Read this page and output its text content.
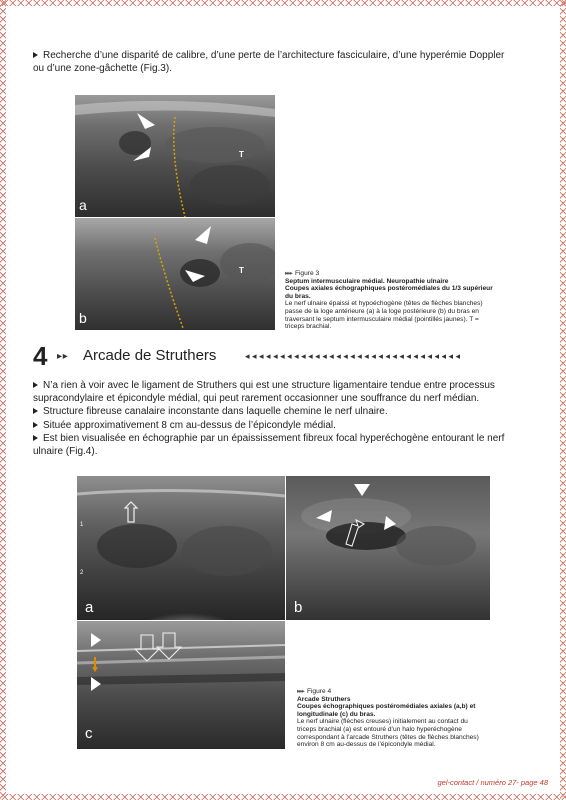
Recherche d’une disparité de calibre, d’une perte de l’architecture fasciculaire, d’une hyperémie Doppler
ou d’une zone-gâchette (Fig.3).
T
a
T
b
▸▸▸ Figure 3
Septum intermusculaire médial. Neuropathie ulnaire
Coupes axiales échographiques postéromédiales du 1/3 supérieur
du bras.
Le nerf ulnaire épaissi et hypoéchogène (têtes de flèches blanches)
passe de la loge antérieure (a) à la loge postérieure (b) du bras en
traversant le septum intermusculaire médial (pointillés jaunes). T =
triceps brachial.
4 ▸ ▸ Arcade de Struthers	◂ ◂ ◂ ◂ ◂ ◂ ◂ ◂ ◂ ◂ ◂ ◂ ◂ ◂ ◂ ◂ ◂ ◂ ◂ ◂ ◂ ◂ ◂ ◂ ◂ ◂ ◂ ◂ ◂ ◂ ◂
N’a rien à voir avec le ligament de Struthers qui est une structure ligamentaire tendue entre processus
supracondylaire et épicondyle médial, qui peut rarement occasionner une souffrance du nerf médian.
Structure fibreuse canalaire inconstante dans laquelle chemine le nerf ulnaire.
Située approximativement 8 cm au-dessus de l’épicondyle médial.
Est bien visualisée en échographie par un épaississement fibreux focal hyperéchogène entourant le nerf
ulnaire (Fig.4).
1
2
a	b
c
▸▸▸ Figure 4
Arcade Struthers
Coupes échographiques postéromédiales axiales (a,b) et
longitudinale (c) du bras.
Le nerf ulnaire (flèches creuses) initialement au contact du
triceps brachial (a) est entouré d’un halo hyperéchogène
correspondant à l’arcade Struthers (têtes de flèches blanches)
environ 8 cm au-dessus de l’épicondyle médial.
gel-contact / numéro 27- page 48
